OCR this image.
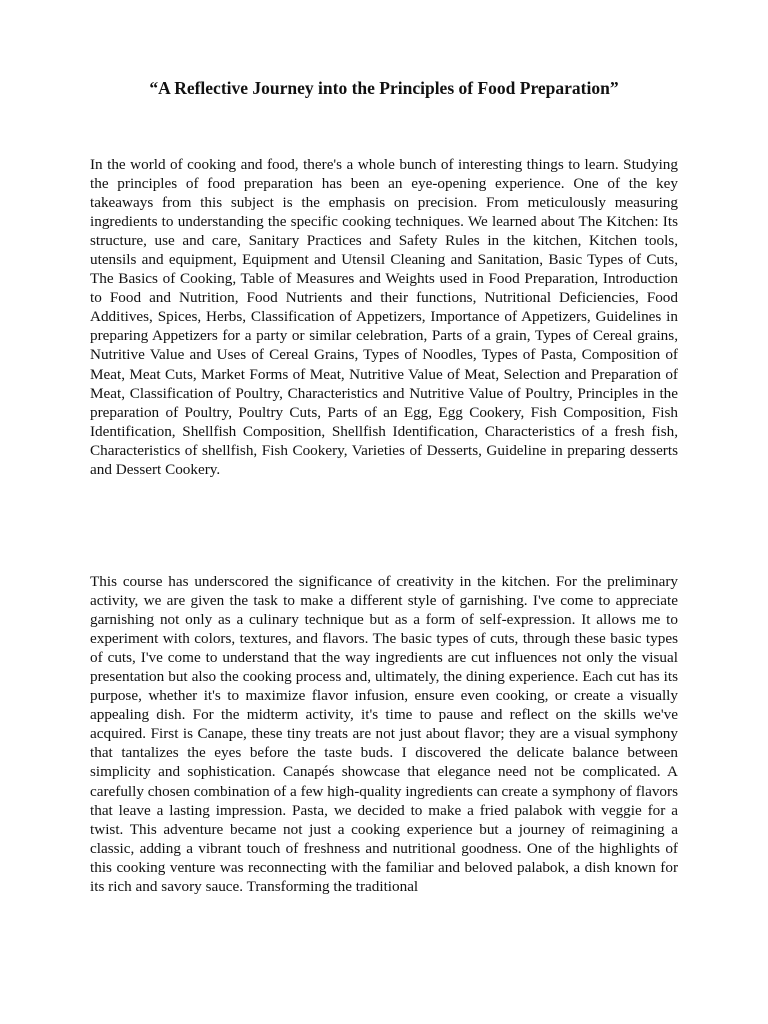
“A Reflective Journey into the Principles of Food Preparation”

In the world of cooking and food, there's a whole bunch of interesting things to learn. Studying the principles of food preparation has been an eye-opening experience. One of the key takeaways from this subject is the emphasis on precision. From meticulously measuring ingredients to understanding the specific cooking techniques. We learned about The Kitchen: Its structure, use and care, Sanitary Practices and Safety Rules in the kitchen, Kitchen tools, utensils and equipment, Equipment and Utensil Cleaning and Sanitation, Basic Types of Cuts, The Basics of Cooking, Table of Measures and Weights used in Food Preparation, Introduction to Food and Nutrition, Food Nutrients and their functions, Nutritional Deficiencies, Food Additives, Spices, Herbs, Classification of Appetizers, Importance of Appetizers, Guidelines in preparing Appetizers for a party or similar celebration, Parts of a grain, Types of Cereal grains, Nutritive Value and Uses of Cereal Grains, Types of Noodles, Types of Pasta, Composition of Meat, Meat Cuts, Market Forms of Meat, Nutritive Value of Meat, Selection and Preparation of Meat, Classification of Poultry, Characteristics and Nutritive Value of Poultry, Principles in the preparation of Poultry, Poultry Cuts, Parts of an Egg, Egg Cookery, Fish Composition, Fish Identification, Shellfish Composition, Shellfish Identification, Characteristics of a fresh fish, Characteristics of shellfish, Fish Cookery, Varieties of Desserts, Guideline in preparing desserts and Dessert Cookery.

This course has underscored the significance of creativity in the kitchen. For the preliminary activity, we are given the task to make a different style of garnishing. I've come to appreciate garnishing not only as a culinary technique but as a form of self-expression. It allows me to experiment with colors, textures, and flavors. The basic types of cuts, through these basic types of cuts, I've come to understand that the way ingredients are cut influences not only the visual presentation but also the cooking process and, ultimately, the dining experience. Each cut has its purpose, whether it's to maximize flavor infusion, ensure even cooking, or create a visually appealing dish. For the midterm activity, it's time to pause and reflect on the skills we've acquired. First is Canape, these tiny treats are not just about flavor; they are a visual symphony that tantalizes the eyes before the taste buds. I discovered the delicate balance between simplicity and sophistication. Canapés showcase that elegance need not be complicated. A carefully chosen combination of a few high-quality ingredients can create a symphony of flavors that leave a lasting impression. Pasta, we decided to make a fried palabok with veggie for a twist. This adventure became not just a cooking experience but a journey of reimagining a classic, adding a vibrant touch of freshness and nutritional goodness. One of the highlights of this cooking venture was reconnecting with the familiar and beloved palabok, a dish known for its rich and savory sauce. Transforming the traditional
